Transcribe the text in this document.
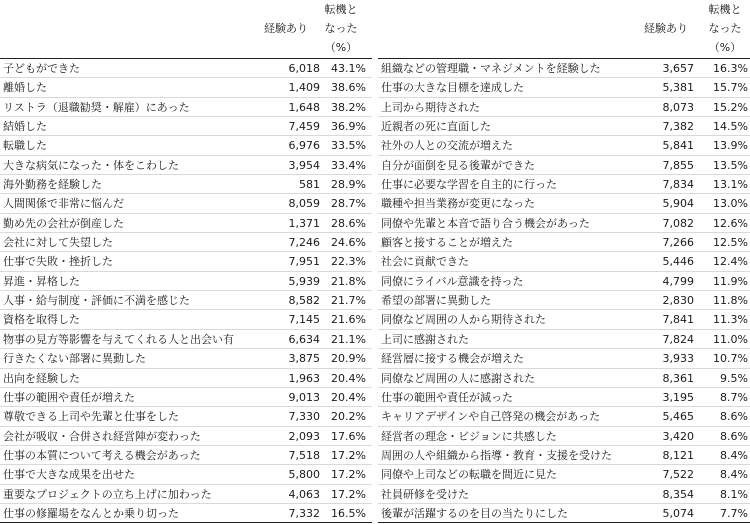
経験あり
転機と
なった
（%）
子どもができた	6,018	43.1%
離婚した	1,409	38.6%
リストラ（退職勧奨・解雇）にあった	1,648	38.2%
結婚した	7,459	36.9%
転職した	6,976	33.5%
大きな病気になった・体をこわした	3,954	33.4%
海外勤務を経験した	581	28.9%
人間関係で非常に悩んだ	8,059	28.7%
勤め先の会社が倒産した	1,371	28.6%
会社に対して失望した	7,246	24.6%
仕事で失敗・挫折した	7,951	22.3%
昇進・昇格した	5,939	21.8%
人事・給与制度・評価に不満を感じた	8,582	21.7%
資格を取得した	7,145	21.6%
物事の見方等影響を与えてくれる人と出会い有	6,634	21.1%
行きたくない部署に異動した	3,875	20.9%
出向を経験した	1,963	20.4%
仕事の範囲や責任が増えた	9,013	20.4%
尊敬できる上司や先輩と仕事をした	7,330	20.2%
会社が吸収・合併され経営陣が変わった	2,093	17.6%
仕事の本質について考える機会があった	7,518	17.2%
仕事で大きな成果を出せた	5,800	17.2%
重要なプロジェクトの立ち上げに加わった	4,063	17.2%
仕事の修羅場をなんとか乗り切った	7,332	16.5%
経験あり
転機と
なった
（%）
組織などの管理職・マネジメントを経験した	3,657	16.3%
仕事の大きな目標を達成した	5,381	15.7%
上司から期待された	8,073	15.2%
近親者の死に直面した	7,382	14.5%
社外の人との交流が増えた	5,841	13.9%
自分が面倒を見る後輩ができた	7,855	13.5%
仕事に必要な学習を自主的に行った	7,834	13.1%
職種や担当業務が変更になった	5,904	13.0%
同僚や先輩と本音で語り合う機会があった	7,082	12.6%
顧客と接することが増えた	7,266	12.5%
社会に貢献できた	5,446	12.4%
同僚にライバル意識を持った	4,799	11.9%
希望の部署に異動した	2,830	11.8%
同僚など周囲の人から期待された	7,841	11.3%
上司に感謝された	7,824	11.0%
経営層に接する機会が増えた	3,933	10.7%
同僚など周囲の人に感謝された	8,361	9.5%
仕事の範囲や責任が減った	3,195	8.7%
キャリアデザインや自己啓発の機会があった	5,465	8.6%
経営者の理念・ビジョンに共感した	3,420	8.6%
周囲の人や組織から指導・教育・支援を受けた	8,121	8.4%
同僚や上司などの転職を間近に見た	7,522	8.4%
社員研修を受けた	8,354	8.1%
後輩が活躍するのを目の当たりにした	5,074	7.7%
